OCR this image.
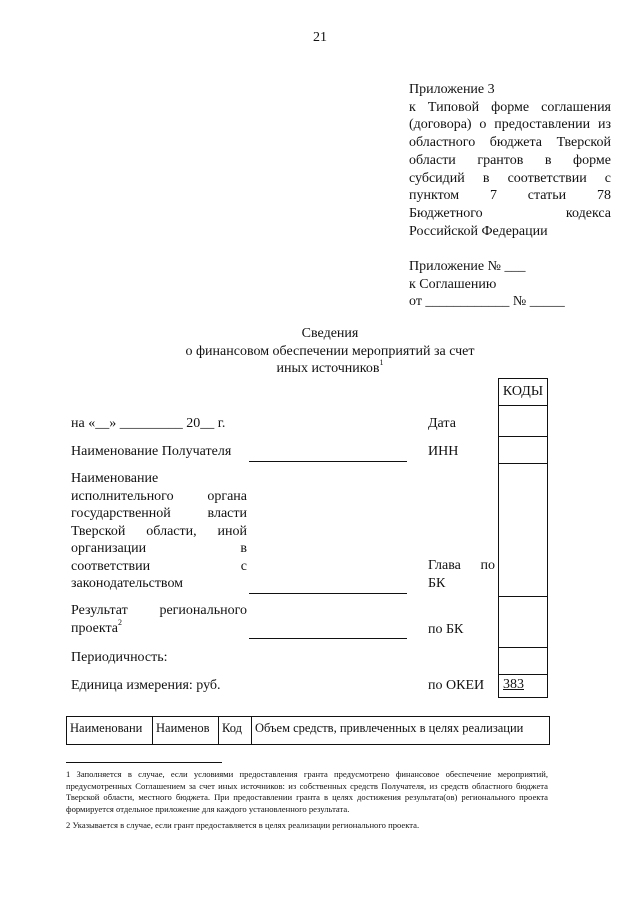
21
Приложение 3
к Типовой форме соглашения
(договора) о предоставлении из
областного бюджета Тверской
области грантов в форме
субсидий в соответствии с
пунктом 7 статьи 78
Бюджетного кодекса
Российской Федерации
Приложение № ___
к Соглашению
от ____________ № _____
Сведения
о финансовом обеспечении мероприятий за счет
иных источников$^1$
КОДЫ
383
на «__» _________ 20__ г.
Наименование Получателя
Наименование
исполнительного органа
государственной власти
Тверской области, иной
организации в
соответствии с
законодательством
Результат регионального
проекта$^2$
Периодичность:
Единица измерения: руб.
Дата
ИНН
Глава по
БК
по БК
по ОКЕИ
Наименовани	Наименов Код	Объем средств, привлеченных в целях реализации
1 Заполняется в случае, если условиями предоставления гранта предусмотрено финансовое обеспечение мероприятий, предусмотренных Соглашением за счет иных источников: из собственных средств Получателя, из средств областного бюджета Тверской области, местного бюджета. При предоставлении гранта в целях достижения результата(ов) регионального проекта формируется отдельное приложение для каждого установленного результата.
2 Указывается в случае, если грант предоставляется в целях реализации регионального проекта.
